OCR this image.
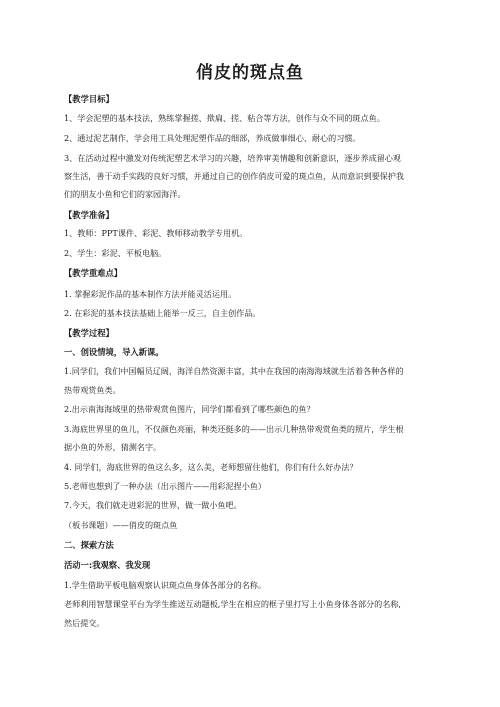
俏皮的斑点鱼
【教学目标】
1、学会泥塑的基本技法，熟练掌握搓、揿扁、搓、粘合等方法，创作与众不同的斑点鱼。
2、通过泥艺制作，学会用工具处理泥塑作品的细部，养成做事细心、耐心的习惯。
3、在活动过程中激发对传统泥塑艺术学习的兴趣，培养审美情趣和创新意识，逐步养成留心观
察生活，善于动手实践的良好习惯，并通过自己的创作俏皮可爱的斑点鱼，从而意识到要保护我
们的朋友小鱼和它们的家园海洋。
【教学准备】
1、教师：PPT课件、彩泥、教师移动教学专用机。
2、学生：彩泥、平板电脑。
【教学重难点】
1. 掌握彩泥作品的基本制作方法并能灵活运用。
2. 在彩泥的基本技法基础上能举一反三，自主创作品。
【教学过程】
一、创设情境，导入新课。
1.同学们，我们中国幅员辽阔，海洋自然资源丰富，其中在我国的南海海域就生活着各种各样的
热带观赏鱼类。
2.出示南海海域里的热带观赏鱼图片，同学们都看到了哪些颜色的鱼？
3.海底世界里的鱼儿，不仅颜色亮丽，种类还挺多的——出示几种热带观赏鱼类的照片，学生根
据小鱼的外形，猜测名字。
4. 同学们，海底世界的鱼这么多，这么美，老师想留住他们，你们有什么好办法？
5.老师也想到了一种办法（出示图片——用彩泥捏小鱼）
7.今天，我们就走进彩泥的世界，做一做小鱼吧。
（板书课题）——俏皮的斑点鱼
二、探索方法
活动一:我观察、我发现
1.学生借助平板电脑观察认识斑点鱼身体各部分的名称。
老师利用智慧课堂平台为学生推送互动题板,学生在相应的框子里打写上小鱼身体各部分的名称,
然后提交。
